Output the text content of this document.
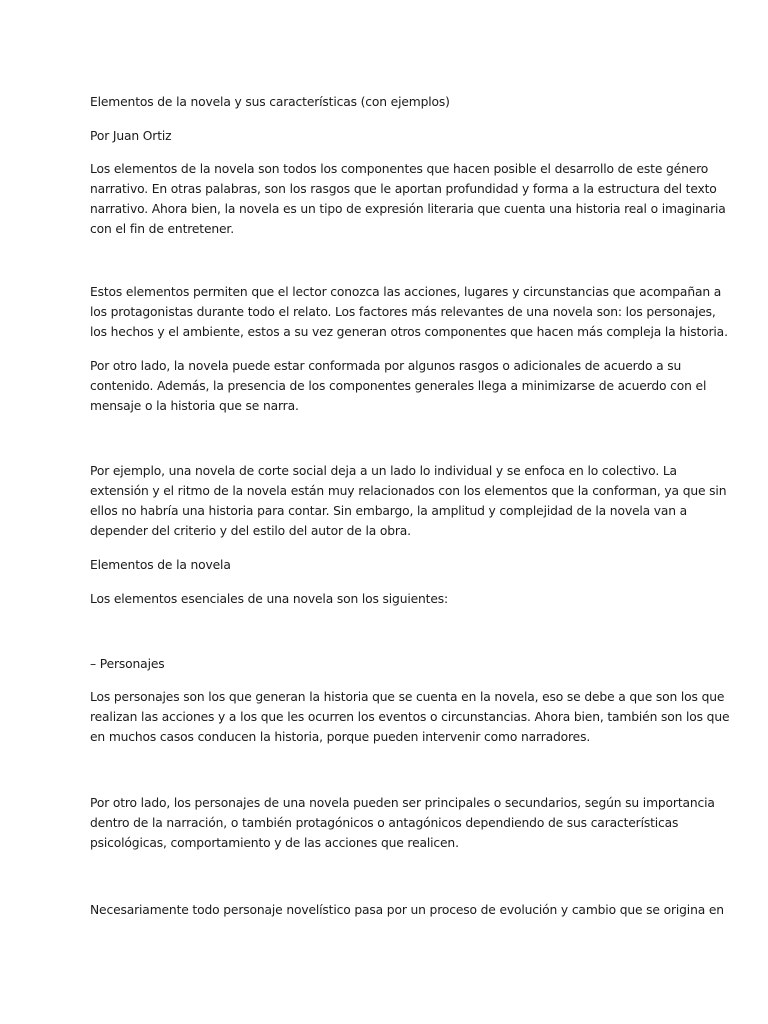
Elementos de la novela y sus características (con ejemplos)
Por Juan Ortiz
Los elementos de la novela son todos los componentes que hacen posible el desarrollo de este género
narrativo. En otras palabras, son los rasgos que le aportan profundidad y forma a la estructura del texto
narrativo. Ahora bien, la novela es un tipo de expresión literaria que cuenta una historia real o imaginaria
con el fin de entretener.
Estos elementos permiten que el lector conozca las acciones, lugares y circunstancias que acompañan a
los protagonistas durante todo el relato. Los factores más relevantes de una novela son: los personajes,
los hechos y el ambiente, estos a su vez generan otros componentes que hacen más compleja la historia.
Por otro lado, la novela puede estar conformada por algunos rasgos o adicionales de acuerdo a su
contenido. Además, la presencia de los componentes generales llega a minimizarse de acuerdo con el
mensaje o la historia que se narra.
Por ejemplo, una novela de corte social deja a un lado lo individual y se enfoca en lo colectivo. La
extensión y el ritmo de la novela están muy relacionados con los elementos que la conforman, ya que sin
ellos no habría una historia para contar. Sin embargo, la amplitud y complejidad de la novela van a
depender del criterio y del estilo del autor de la obra.
Elementos de la novela
Los elementos esenciales de una novela son los siguientes:
– Personajes
Los personajes son los que generan la historia que se cuenta en la novela, eso se debe a que son los que
realizan las acciones y a los que les ocurren los eventos o circunstancias. Ahora bien, también son los que
en muchos casos conducen la historia, porque pueden intervenir como narradores.
Por otro lado, los personajes de una novela pueden ser principales o secundarios, según su importancia
dentro de la narración, o también protagónicos o antagónicos dependiendo de sus características
psicológicas, comportamiento y de las acciones que realicen.
Necesariamente todo personaje novelístico pasa por un proceso de evolución y cambio que se origina en
